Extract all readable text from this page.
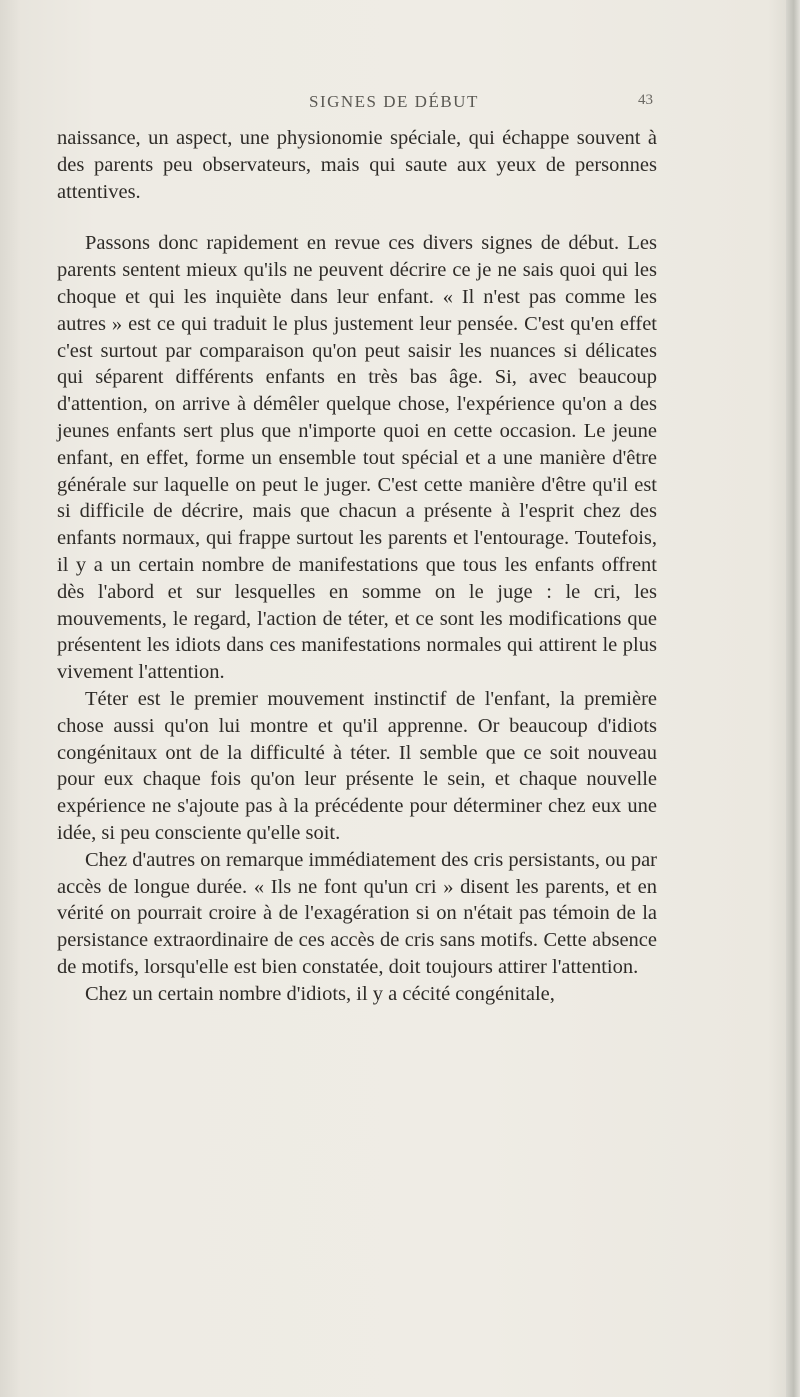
SIGNES DE DÉBUT	43

naissance, un aspect, une physionomie spéciale, qui échappe souvent à des parents peu observateurs, mais qui saute aux yeux de personnes attentives.

Passons donc rapidement en revue ces divers signes de début. Les parents sentent mieux qu'ils ne peuvent décrire ce je ne sais quoi qui les choque et qui les inquiète dans leur enfant. « Il n'est pas comme les autres » est ce qui traduit le plus justement leur pensée. C'est qu'en effet c'est surtout par comparaison qu'on peut saisir les nuances si délicates qui séparent différents enfants en très bas âge. Si, avec beaucoup d'attention, on arrive à démêler quelque chose, l'expérience qu'on a des jeunes enfants sert plus que n'importe quoi en cette occasion. Le jeune enfant, en effet, forme un ensemble tout spécial et a une manière d'être générale sur laquelle on peut le juger. C'est cette manière d'être qu'il est si difficile de décrire, mais que chacun a présente à l'esprit chez des enfants normaux, qui frappe surtout les parents et l'entourage. Toutefois, il y a un certain nombre de manifestations que tous les enfants offrent dès l'abord et sur lesquelles en somme on le juge : le cri, les mouvements, le regard, l'action de téter, et ce sont les modifications que présentent les idiots dans ces manifestations normales qui attirent le plus vivement l'attention.

Téter est le premier mouvement instinctif de l'enfant, la première chose aussi qu'on lui montre et qu'il apprenne. Or beaucoup d'idiots congénitaux ont de la difficulté à téter. Il semble que ce soit nouveau pour eux chaque fois qu'on leur présente le sein, et chaque nouvelle expérience ne s'ajoute pas à la précédente pour déterminer chez eux une idée, si peu consciente qu'elle soit.

Chez d'autres on remarque immédiatement des cris persistants, ou par accès de longue durée. « Ils ne font qu'un cri » disent les parents, et en vérité on pourrait croire à de l'exagération si on n'était pas témoin de la persistance extraordinaire de ces accès de cris sans motifs. Cette absence de motifs, lorsqu'elle est bien constatée, doit toujours attirer l'attention.

Chez un certain nombre d'idiots, il y a cécité congénitale,
